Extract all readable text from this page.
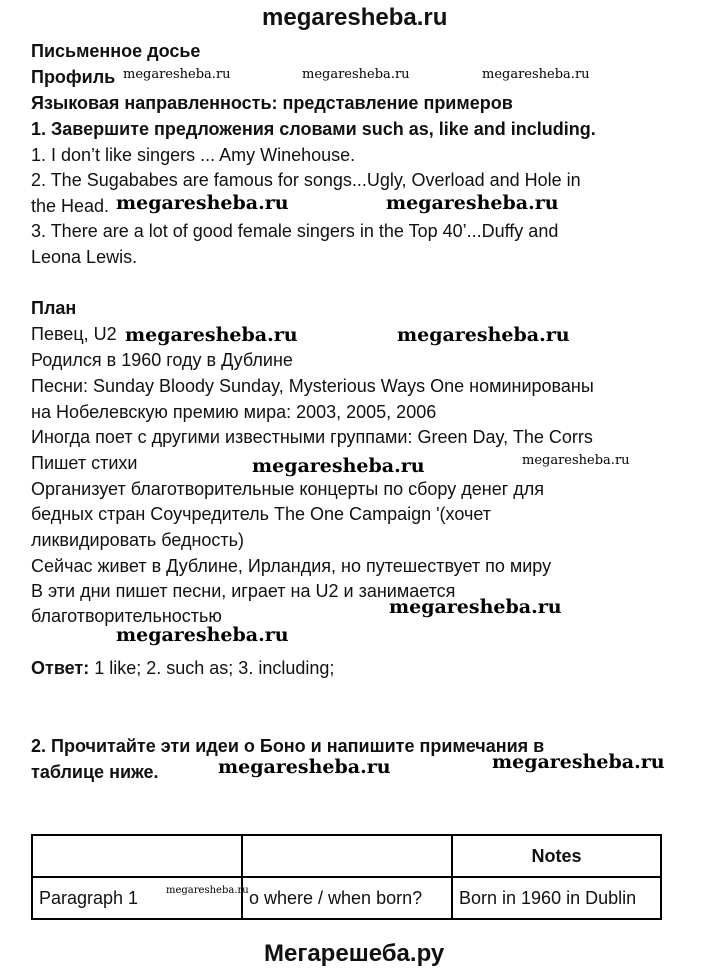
megaresheba.ru
Письменное досье
Профиль
Языковая направленность: представление примеров
1. Завершите предложения словами such as, like and including.
1. I don’t like singers ... Amy Winehouse.
2. The Sugababes are famous for songs...Ugly, Overload and Hole in
the Head.
3. There are a lot of good female singers in the Top 40’...Duffy and
Leona Lewis.
План
Певец, U2
Родился в 1960 году в Дублине
Песни: Sunday Bloody Sunday, Mysterious Ways One номинированы
на Нобелевскую премию мира: 2003, 2005, 2006
Иногда поет с другими известными группами: Green Day, The Corrs
Пишет стихи
Организует благотворительные концерты по сбору денег для
бедных стран Соучредитель The One Campaign '(хочет
ликвидировать бедность)
Сейчас живет в Дублине, Ирландия, но путешествует по миру
В эти дни пишет песни, играет на U2 и занимается
благотворительностью
Ответ: 1 like; 2. such as; 3. including;
2. Прочитайте эти идеи о Боно и напишите примечания в
таблице ниже.
		Notes
Paragraph 1	o where / when born?	Born in 1960 in Dublin
megaresheba.ru	megaresheba.ru	megaresheba.ru
megaresheba.ru	megaresheba.ru
megaresheba.ru	megaresheba.ru
megaresheba.ru	megaresheba.ru
megaresheba.ru
megaresheba.ru
megaresheba.ru	megaresheba.ru
megaresheba.ru
Мегарешеба.ру
